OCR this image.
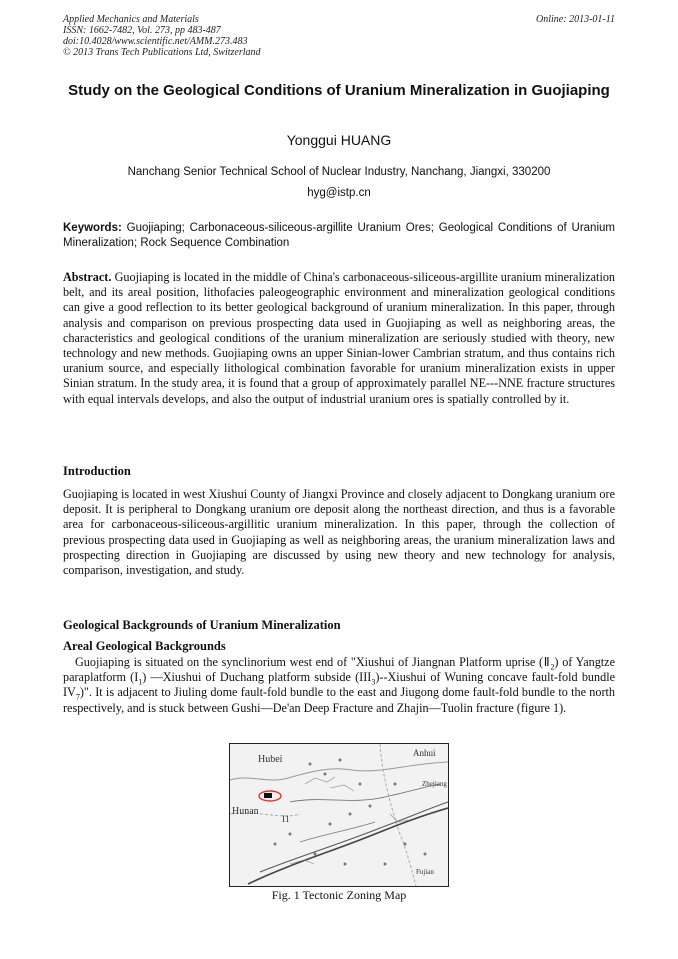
Applied Mechanics and Materials
ISSN: 1662-7482, Vol. 273, pp 483-487
doi:10.4028/www.scientific.net/AMM.273.483
© 2013 Trans Tech Publications Ltd, Switzerland
Online: 2013-01-11
Study on the Geological Conditions of Uranium Mineralization in Guojiaping
Yonggui HUANG
Nanchang Senior Technical School of Nuclear Industry, Nanchang, Jiangxi, 330200
hyg@istp.cn
Keywords: Guojiaping; Carbonaceous-siliceous-argillite Uranium Ores; Geological Conditions of Uranium Mineralization; Rock Sequence Combination
Abstract. Guojiaping is located in the middle of China's carbonaceous-siliceous-argillite uranium mineralization belt, and its areal position, lithofacies paleogeographic environment and mineralization geological conditions can give a good reflection to its better geological background of uranium mineralization. In this paper, through analysis and comparison on previous prospecting data used in Guojiaping as well as neighboring areas, the characteristics and geological conditions of the uranium mineralization are seriously studied with theory, new technology and new methods. Guojiaping owns an upper Sinian-lower Cambrian stratum, and thus contains rich uranium source, and especially lithological combination favorable for uranium mineralization exists in upper Sinian stratum. In the study area, it is found that a group of approximately parallel NE---NNE fracture structures with equal intervals develops, and also the output of industrial uranium ores is spatially controlled by it.
Introduction
Guojiaping is located in west Xiushui County of Jiangxi Province and closely adjacent to Dongkang uranium ore deposit. It is peripheral to Dongkang uranium ore deposit along the northeast direction, and thus is a favorable area for carbonaceous-siliceous-argillitic uranium mineralization. In this paper, through the collection of previous prospecting data used in Guojiaping as well as neighboring areas, the uranium mineralization laws and prospecting direction in Guojiaping are discussed by using new theory and new technology for analysis, comparison, investigation, and study.
Geological Backgrounds of Uranium Mineralization
Areal Geological Backgrounds
Guojiaping is situated on the synclinorium west end of "Xiushui of Jiangnan Platform uprise $(Ⅱ_2)$ of Yangtze paraplatform $(I_1)$ —Xiushui of Duchang platform subside $(III_3)-$-Xiushui of Wuning concave fault-fold bundle $IV_7$)". It is adjacent to Jiuling dome fault-fold bundle to the east and Jiugong dome fault-fold bundle to the north respectively, and is stuck between Gushi—De'an Deep Fracture and Zhajin—Tuolin fracture (figure 1).
Hubei
Anhui
Hunan
Zhejiang
Fujian
I1
Fig. 1 Tectonic Zoning Map
